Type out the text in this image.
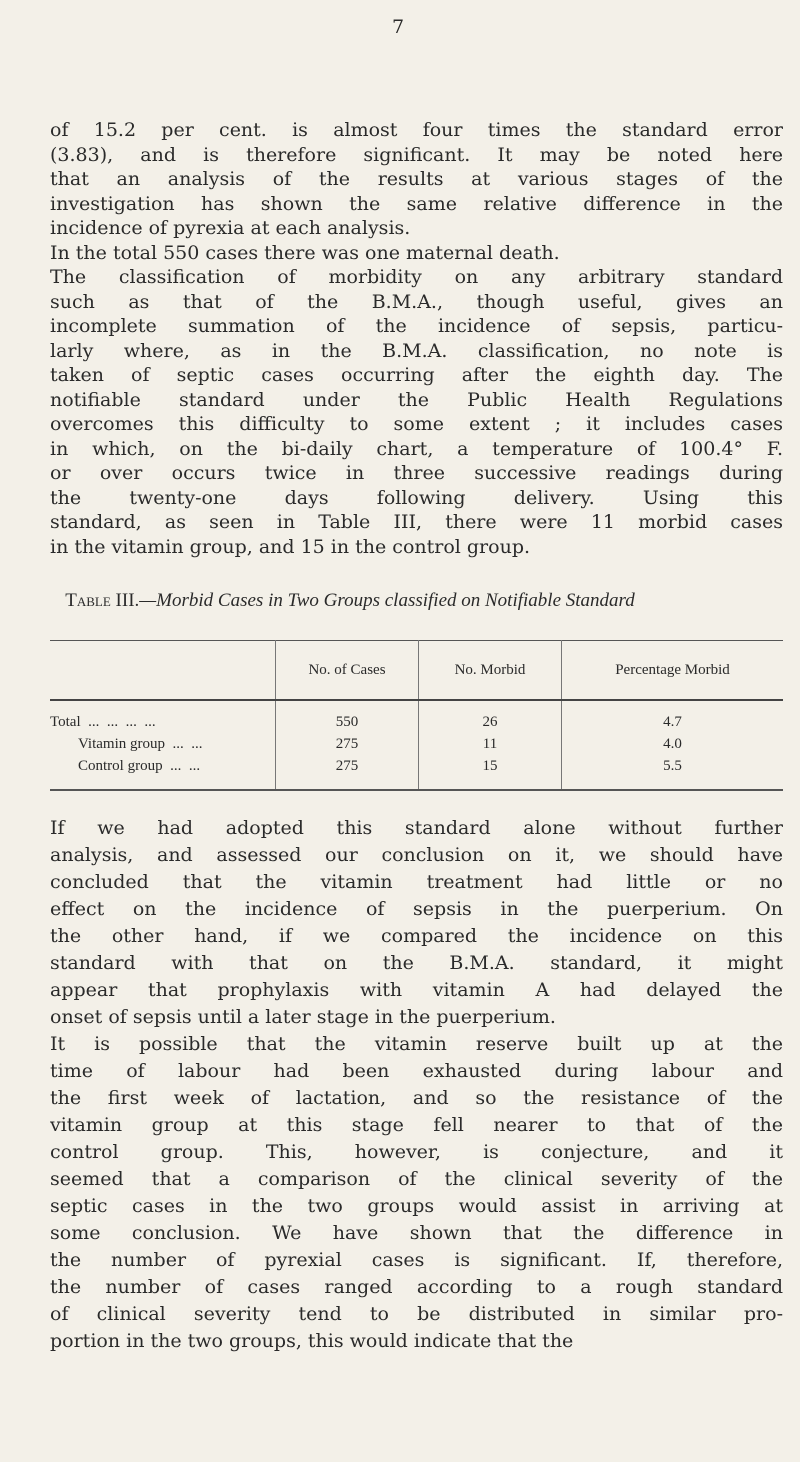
7
of 15.2 per cent. is almost four times the standard error
(3.83), and is therefore significant. It may be noted here
that an analysis of the results at various stages of the
investigation has shown the same relative difference in the
incidence of pyrexia at each analysis.
In the total 550 cases there was one maternal death.
The classification of morbidity on any arbitrary standard
such as that of the B.M.A., though useful, gives an
incomplete summation of the incidence of sepsis, particu-
larly where, as in the B.M.A. classification, no note is
taken of septic cases occurring after the eighth day. The
notifiable standard under the Public Health Regulations
overcomes this difficulty to some extent ; it includes cases
in which, on the bi-daily chart, a temperature of 100.4° F.
or over occurs twice in three successive readings during
the twenty-one days following delivery. Using this
standard, as seen in Table III, there were 11 morbid cases
in the vitamin group, and 15 in the control group.
Table III.—Morbid Cases in Two Groups classified on Notifiable Standard
	No. of Cases	No. Morbid	Percentage Morbid
Total  ...  ...  ...  ...	550	26	4.7
Vitamin group  ...  ...	275	11	4.0
Control group  ...  ...	275	15	5.5
If we had adopted this standard alone without further
analysis, and assessed our conclusion on it, we should have
concluded that the vitamin treatment had little or no
effect on the incidence of sepsis in the puerperium. On
the other hand, if we compared the incidence on this
standard with that on the B.M.A. standard, it might
appear that prophylaxis with vitamin A had delayed the
onset of sepsis until a later stage in the puerperium.
It is possible that the vitamin reserve built up at the
time of labour had been exhausted during labour and
the first week of lactation, and so the resistance of the
vitamin group at this stage fell nearer to that of the
control group. This, however, is conjecture, and it
seemed that a comparison of the clinical severity of the
septic cases in the two groups would assist in arriving at
some conclusion. We have shown that the difference in
the number of pyrexial cases is significant. If, therefore,
the number of cases ranged according to a rough standard
of clinical severity tend to be distributed in similar pro-
portion in the two groups, this would indicate that the
